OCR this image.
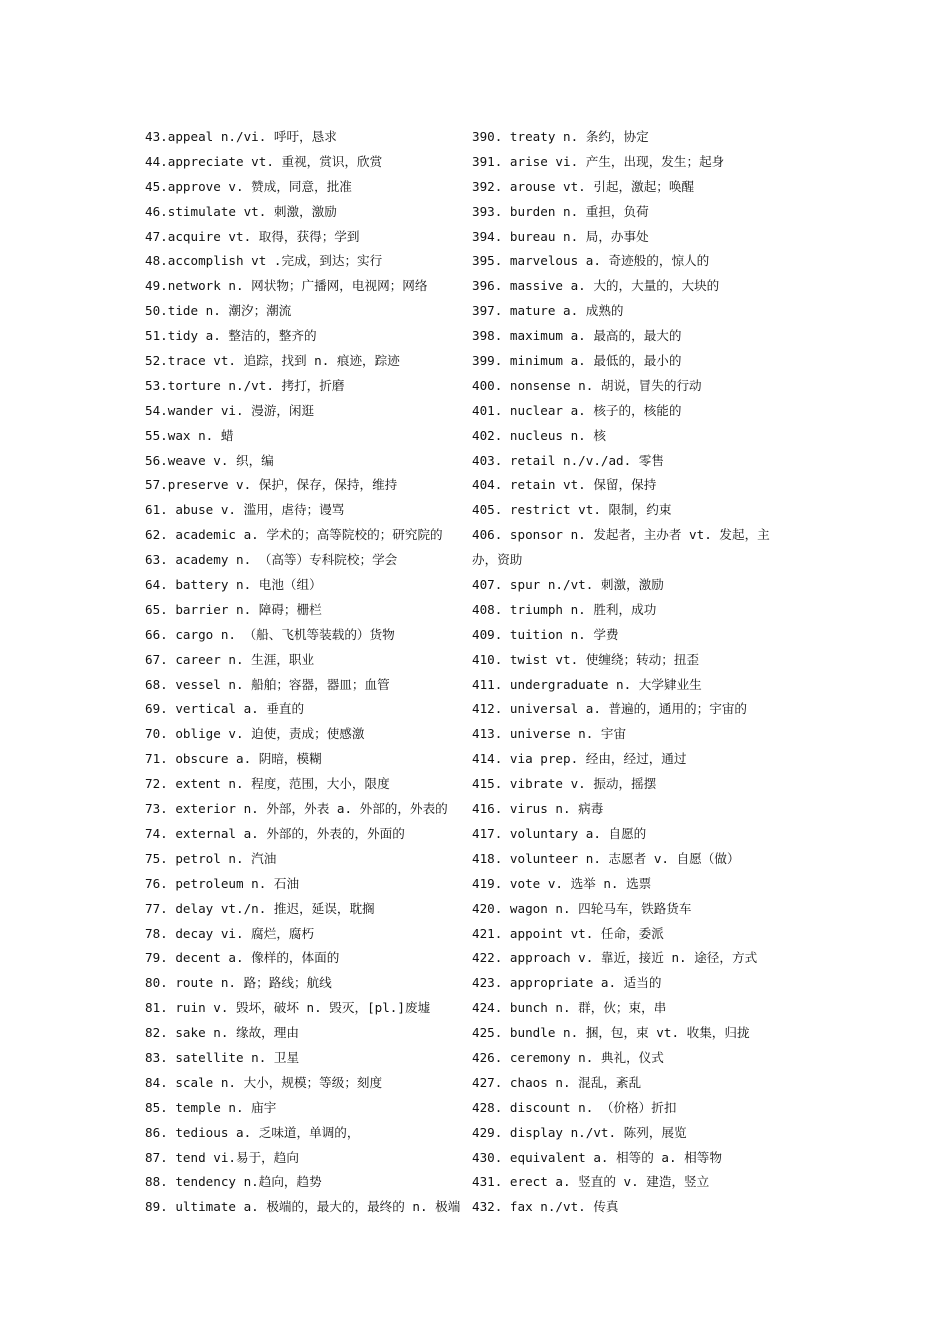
43.appeal n./vi. 呼吁，恳求
44.appreciate vt. 重视，赏识，欣赏
45.approve v. 赞成，同意，批准
46.stimulate vt. 刺激，激励
47.acquire vt. 取得，获得；学到
48.accomplish vt .完成，到达；实行
49.network n. 网状物；广播网，电视网；网络
50.tide n. 潮汐；潮流
51.tidy a. 整洁的，整齐的
52.trace vt. 追踪，找到 n. 痕迹，踪迹
53.torture n./vt. 拷打，折磨
54.wander vi. 漫游，闲逛
55.wax n. 蜡
56.weave v. 织，编
57.preserve v. 保护，保存，保持，维持
61. abuse v. 滥用，虐待；谩骂
62. academic a. 学术的；高等院校的；研究院的
63. academy n. （高等）专科院校；学会
64. battery n. 电池（组）
65. barrier n. 障碍；栅栏
66. cargo n. （船、飞机等装载的）货物
67. career n. 生涯，职业
68. vessel n. 船舶；容器，器皿；血管
69. vertical a. 垂直的
70. oblige v. 迫使，责成；使感激
71. obscure a. 阴暗，模糊
72. extent n. 程度，范围，大小，限度
73. exterior n. 外部，外表 a. 外部的，外表的
74. external a. 外部的，外表的，外面的
75. petrol n. 汽油
76. petroleum n. 石油
77. delay vt./n. 推迟，延误，耽搁
78. decay vi. 腐烂，腐朽
79. decent a. 像样的，体面的
80. route n. 路；路线；航线
81. ruin v. 毁坏，破坏 n. 毁灭，[pl.]废墟
82. sake n. 缘故，理由
83. satellite n. 卫星
84. scale n. 大小，规模；等级；刻度
85. temple n. 庙宇
86. tedious a. 乏味道，单调的，
87. tend vi.易于，趋向
88. tendency n.趋向，趋势
89. ultimate a. 极端的，最大的，最终的 n. 极端
390. treaty n. 条约，协定
391. arise vi. 产生，出现，发生；起身
392. arouse vt. 引起，激起；唤醒
393. burden n. 重担，负荷
394. bureau n. 局，办事处
395. marvelous a. 奇迹般的，惊人的
396. massive a. 大的，大量的，大块的
397. mature a. 成熟的
398. maximum a. 最高的，最大的
399. minimum a. 最低的，最小的
400. nonsense n. 胡说，冒失的行动
401. nuclear a. 核子的，核能的
402. nucleus n. 核
403. retail n./v./ad. 零售
404. retain vt. 保留，保持
405. restrict vt. 限制，约束
406. sponsor n. 发起者，主办者 vt. 发起，主
办，资助
407. spur n./vt. 刺激，激励
408. triumph n. 胜利，成功
409. tuition n. 学费
410. twist vt. 使缠绕；转动；扭歪
411. undergraduate n. 大学肄业生
412. universal a. 普遍的，通用的；宇宙的
413. universe n. 宇宙
414. via prep. 经由，经过，通过
415. vibrate v. 振动，摇摆
416. virus n. 病毒
417. voluntary a. 自愿的
418. volunteer n. 志愿者 v. 自愿（做）
419. vote v. 选举 n. 选票
420. wagon n. 四轮马车，铁路货车
421. appoint vt. 任命，委派
422. approach v. 靠近，接近 n. 途径，方式
423. appropriate a. 适当的
424. bunch n. 群，伙；束，串
425. bundle n. 捆，包，束 vt. 收集，归拢
426. ceremony n. 典礼，仪式
427. chaos n. 混乱，紊乱
428. discount n. （价格）折扣
429. display n./vt. 陈列，展览
430. equivalent a. 相等的 a. 相等物
431. erect a. 竖直的 v. 建造，竖立
432. fax n./vt. 传真
